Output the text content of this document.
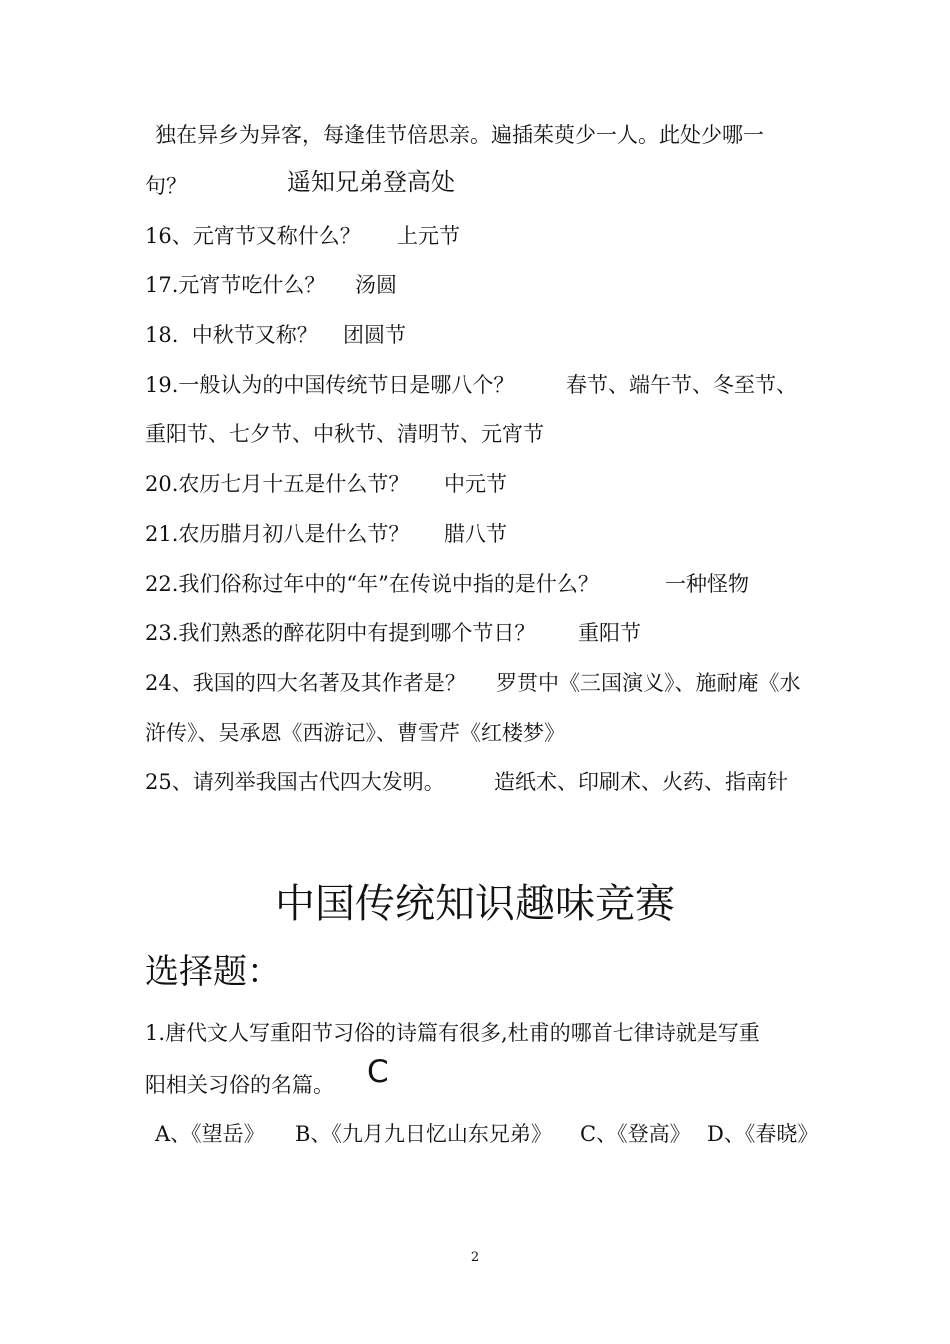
独在异乡为异客，每逢佳节倍思亲。遍插茱萸少一人。此处少哪一
句？	遥知兄弟登高处
16、元宵节又称什么？ 上元节
17.元宵节吃什么？ 汤圆
18.  中秋节又称？ 团圆节
19.一般认为的中国传统节日是哪八个？ 春节、端午节、冬至节、
重阳节、七夕节、中秋节、清明节、元宵节
20.农历七月十五是什么节？ 中元节
21.农历腊月初八是什么节？ 腊八节
22.我们俗称过年中的“年”在传说中指的是什么？	一种怪物
23.我们熟悉的醉花阴中有提到哪个节日？ 重阳节
24、我国的四大名著及其作者是？ 罗贯中《三国演义》、施耐庵《水
浒传》、吴承恩《西游记》、曹雪芹《红楼梦》
25、请列举我国古代四大发明。 造纸术、印刷术、火药、指南针
中国传统知识趣味竞赛
选择题：
1.唐代文人写重阳节习俗的诗篇有很多,杜甫的哪首七律诗就是写重
阳相关习俗的名篇。 C
A、《望岳》 B、《九月九日忆山东兄弟》 C、《登高》 D、《春晓》
2
